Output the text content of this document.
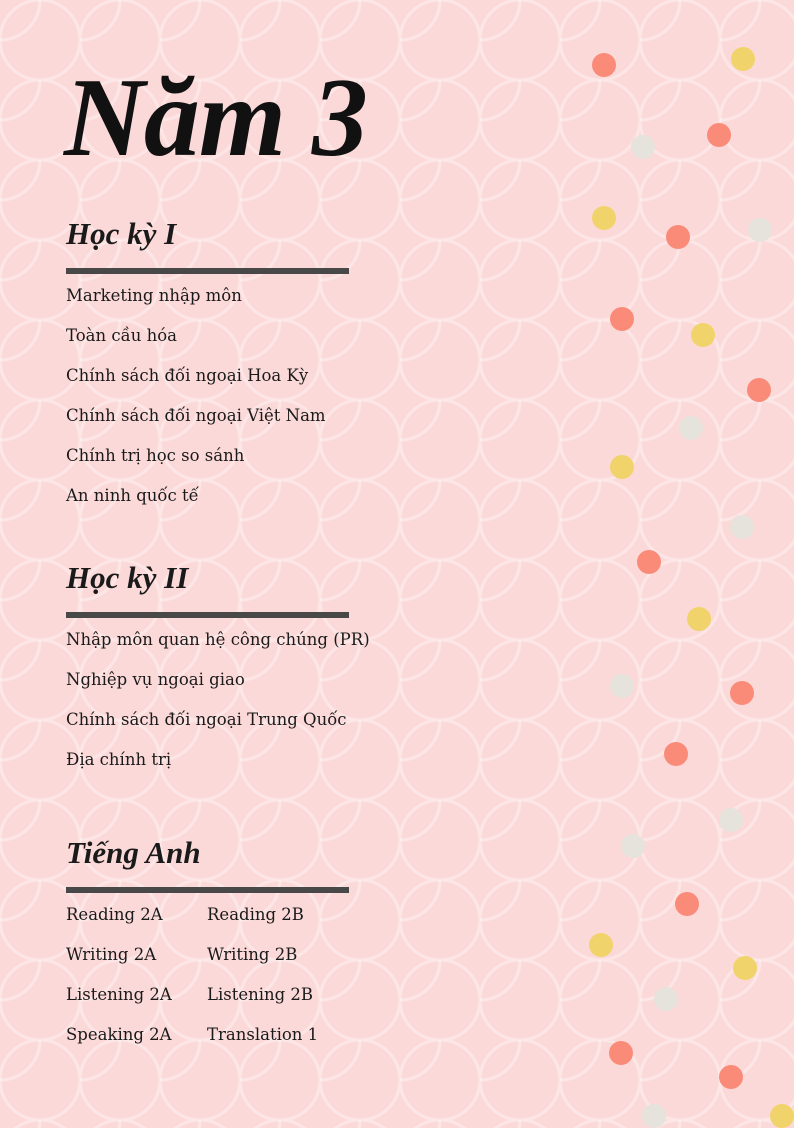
Năm 3
Học kỳ I
Marketing nhập môn
Toàn cầu hóa
Chính sách đối ngoại Hoa Kỳ
Chính sách đối ngoại Việt Nam
Chính trị học so sánh
An ninh quốc tế
Học kỳ II
Nhập môn quan hệ công chúng (PR)
Nghiệp vụ ngoại giao
Chính sách đối ngoại Trung Quốc
Địa chính trị
Tiếng Anh
Reading 2A	Reading 2B
Writing 2A	Writing 2B
Listening 2A	Listening 2B
Speaking 2A	Translation 1
